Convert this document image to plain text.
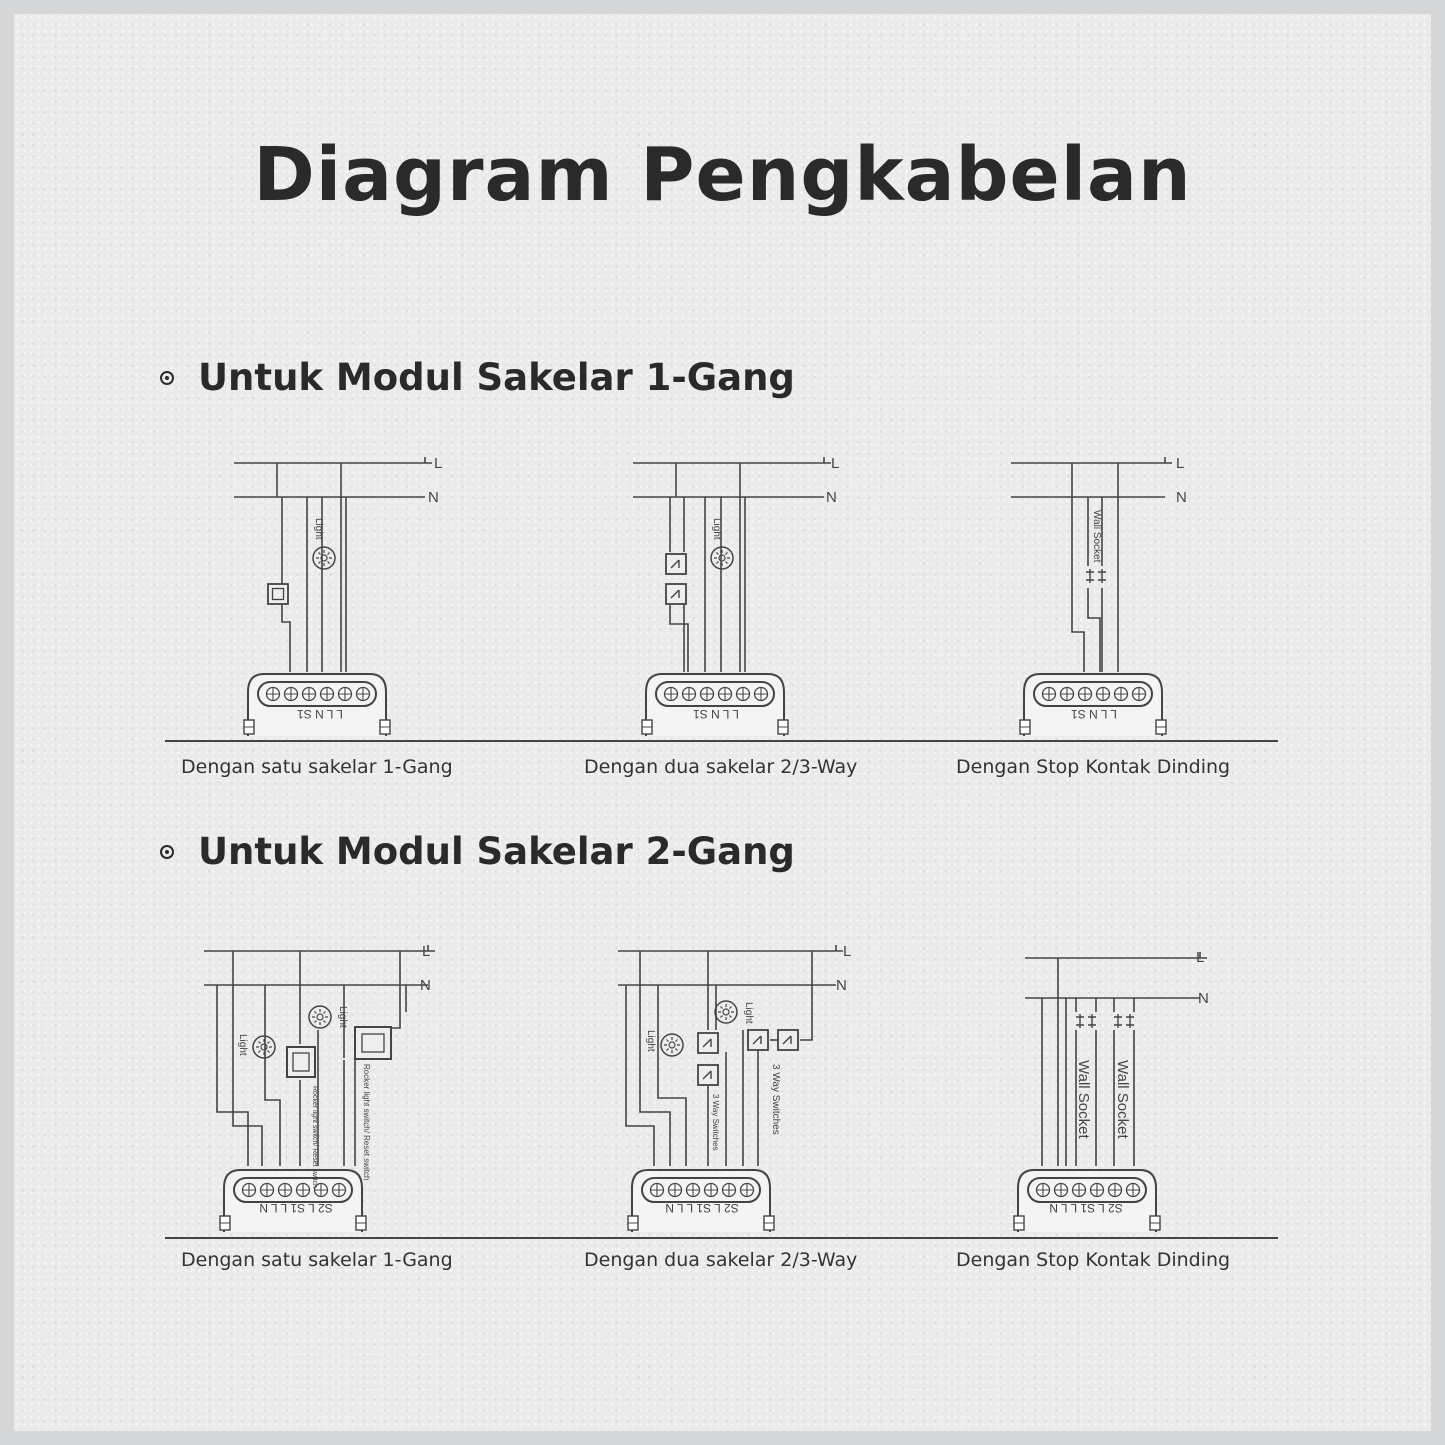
Diagram Pengkabelan
Untuk Modul Sakelar 1-Gang
Untuk Modul Sakelar 2-Gang
Light
L
N
L L N S1
Light
L
N
L L N S1
Wall Socket
L
N
L L N S1
Light
Light
Rocker light switch/ Reset switch	Rocker light switch/ Reset switch
L
N
S2 L S1 L L N
Light
Light
3 Way Switches	3 Way Switches
L
N
S2 L S1 L L N
Wall Socket Wall Socket
L
N
S2 L S1 L L N
Dengan satu sakelar 1-Gang	Dengan dua sakelar 2/3-Way	Dengan Stop Kontak Dinding
Dengan satu sakelar 1-Gang	Dengan dua sakelar 2/3-Way	Dengan Stop Kontak Dinding
